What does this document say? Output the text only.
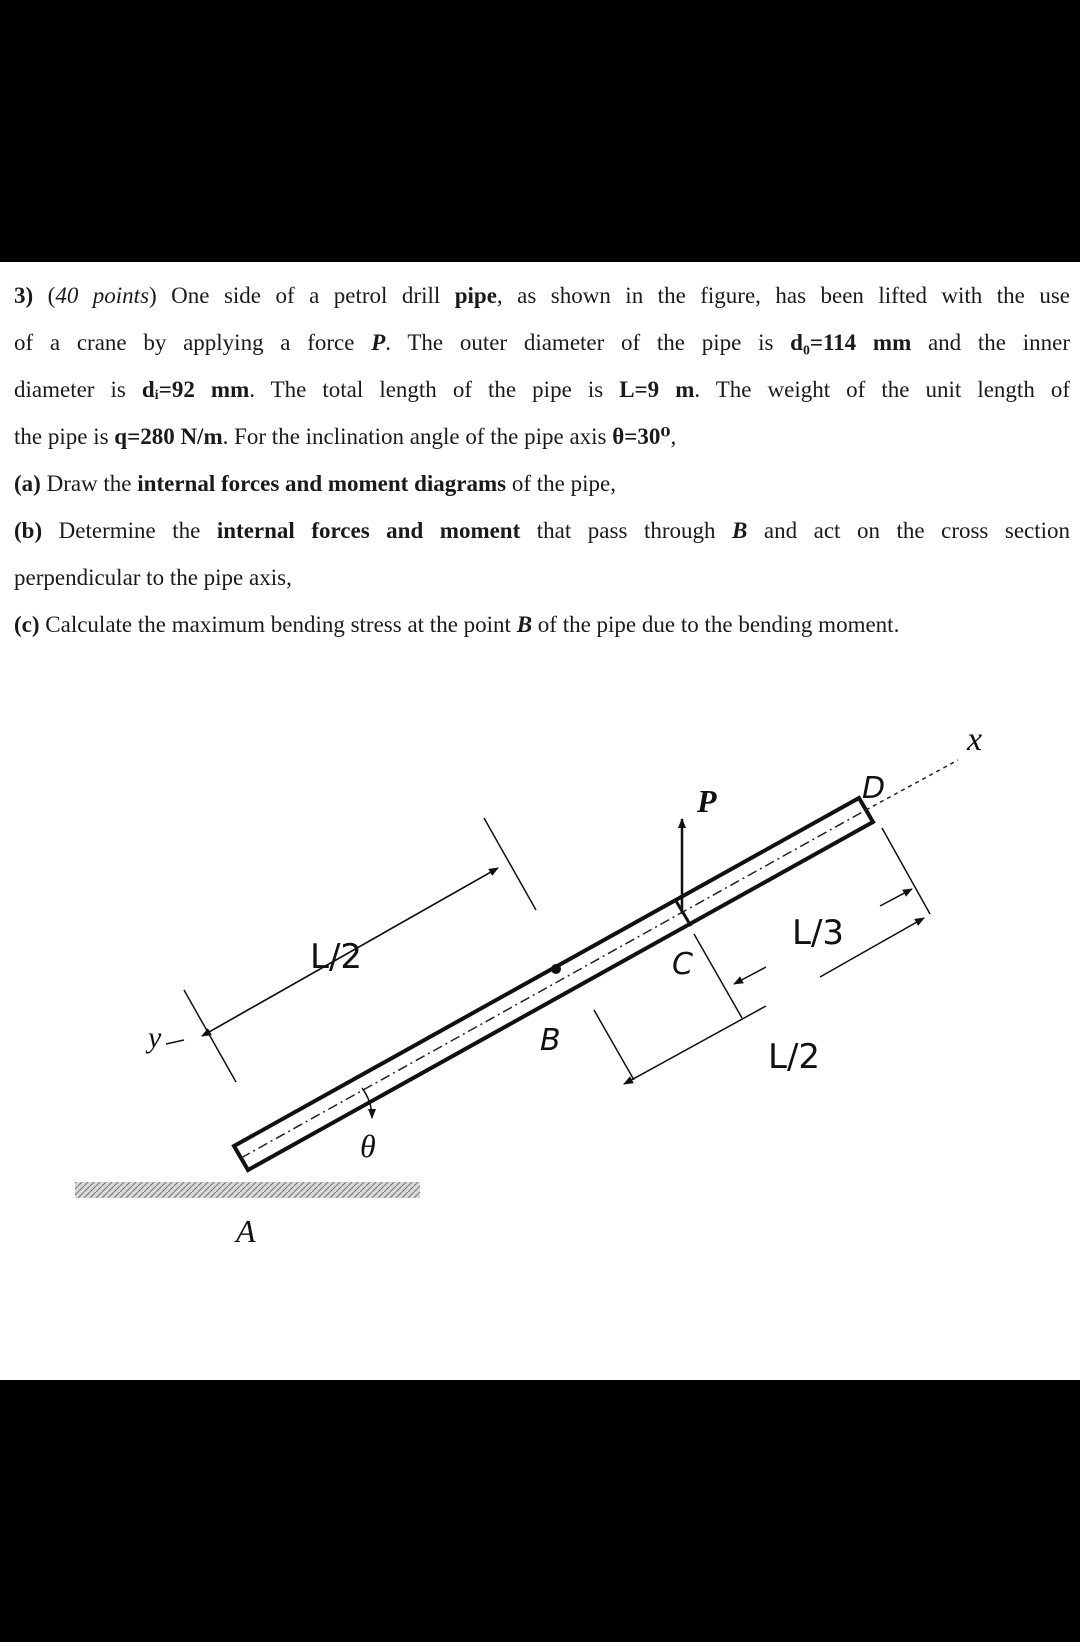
3) (40 points) One side of a petrol drill pipe, as shown in the figure, has been lifted with the use
of a crane by applying a force P. The outer diameter of the pipe is d₀=114 mm and the inner
diameter is dᵢ=92 mm. The total length of the pipe is L=9 m. The weight of the unit length of
the pipe is q=280 N/m. For the inclination angle of the pipe axis θ=30⁰,
(a) Draw the internal forces and moment diagrams of the pipe,
(b) Determine the internal forces and moment that pass through B and act on the cross section
perpendicular to the pipe axis,
(c) Calculate the maximum bending stress at the point B of the pipe due to the bending moment.
x
y
D
P
C
B
A
θ
L/2
L/3
L/2
